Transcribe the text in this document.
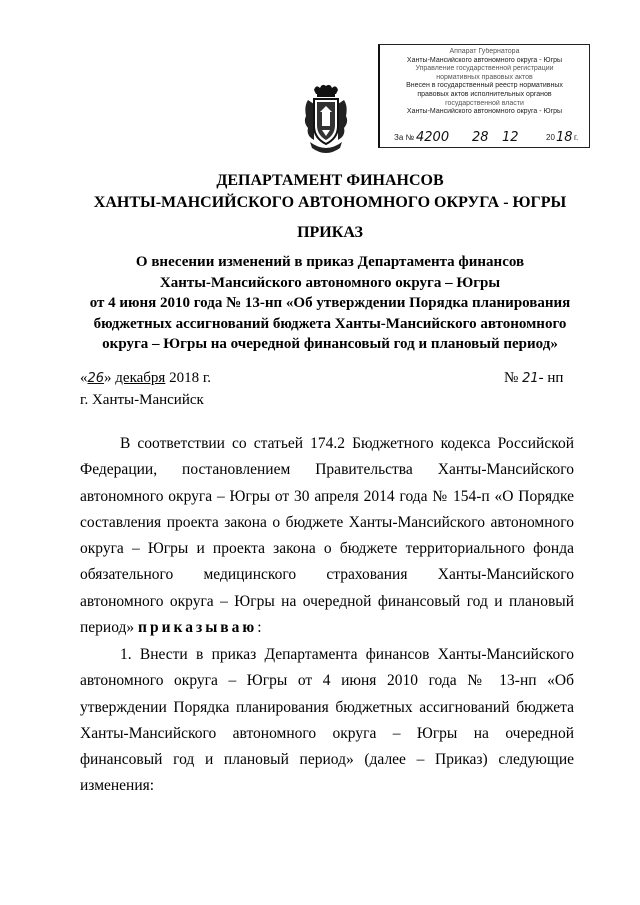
Аппарат Губернатора
Ханты-Мансийского автономного округа - Югры
Управление государственной регистрации
нормативных правовых актов
Внесен в государственный реестр нормативных
правовых актов исполнительных органов
государственной власти
Ханты-Мансийского автономного округа - Югры
За № 4200 28 12	20 18 г.
ДЕПАРТАМЕНТ ФИНАНСОВ
ХАНТЫ-МАНСИЙСКОГО АВТОНОМНОГО ОКРУГА - ЮГРЫ
ПРИКАЗ
О внесении изменений в приказ Департамента финансов
Ханты-Мансийского автономного округа – Югры
от 4 июня 2010 года № 13-нп «Об утверждении Порядка планирования
бюджетных ассигнований бюджета Ханты-Мансийского автономного
округа – Югры на очередной финансовый год и плановый период»
«26» декабря 2018 г.	№ 21- нп
г. Ханты-Мансийск
В соответствии со статьей 174.2 Бюджетного кодекса Российской Федерации, постановлением Правительства Ханты-Мансийского автономного округа – Югры от 30 апреля 2014 года № 154-п «О Порядке составления проекта закона о бюджете Ханты-Мансийского автономного округа – Югры и проекта закона о бюджете территориального фонда обязательного медицинского страхования Ханты-Мансийского автономного округа – Югры на очередной финансовый год и плановый период» приказываю:
1. Внести в приказ Департамента финансов Ханты-Мансийского автономного округа – Югры от 4 июня 2010 года № 13-нп «Об утверждении Порядка планирования бюджетных ассигнований бюджета Ханты-Мансийского автономного округа – Югры на очередной финансовый год и плановый период» (далее – Приказ) следующие изменения:
